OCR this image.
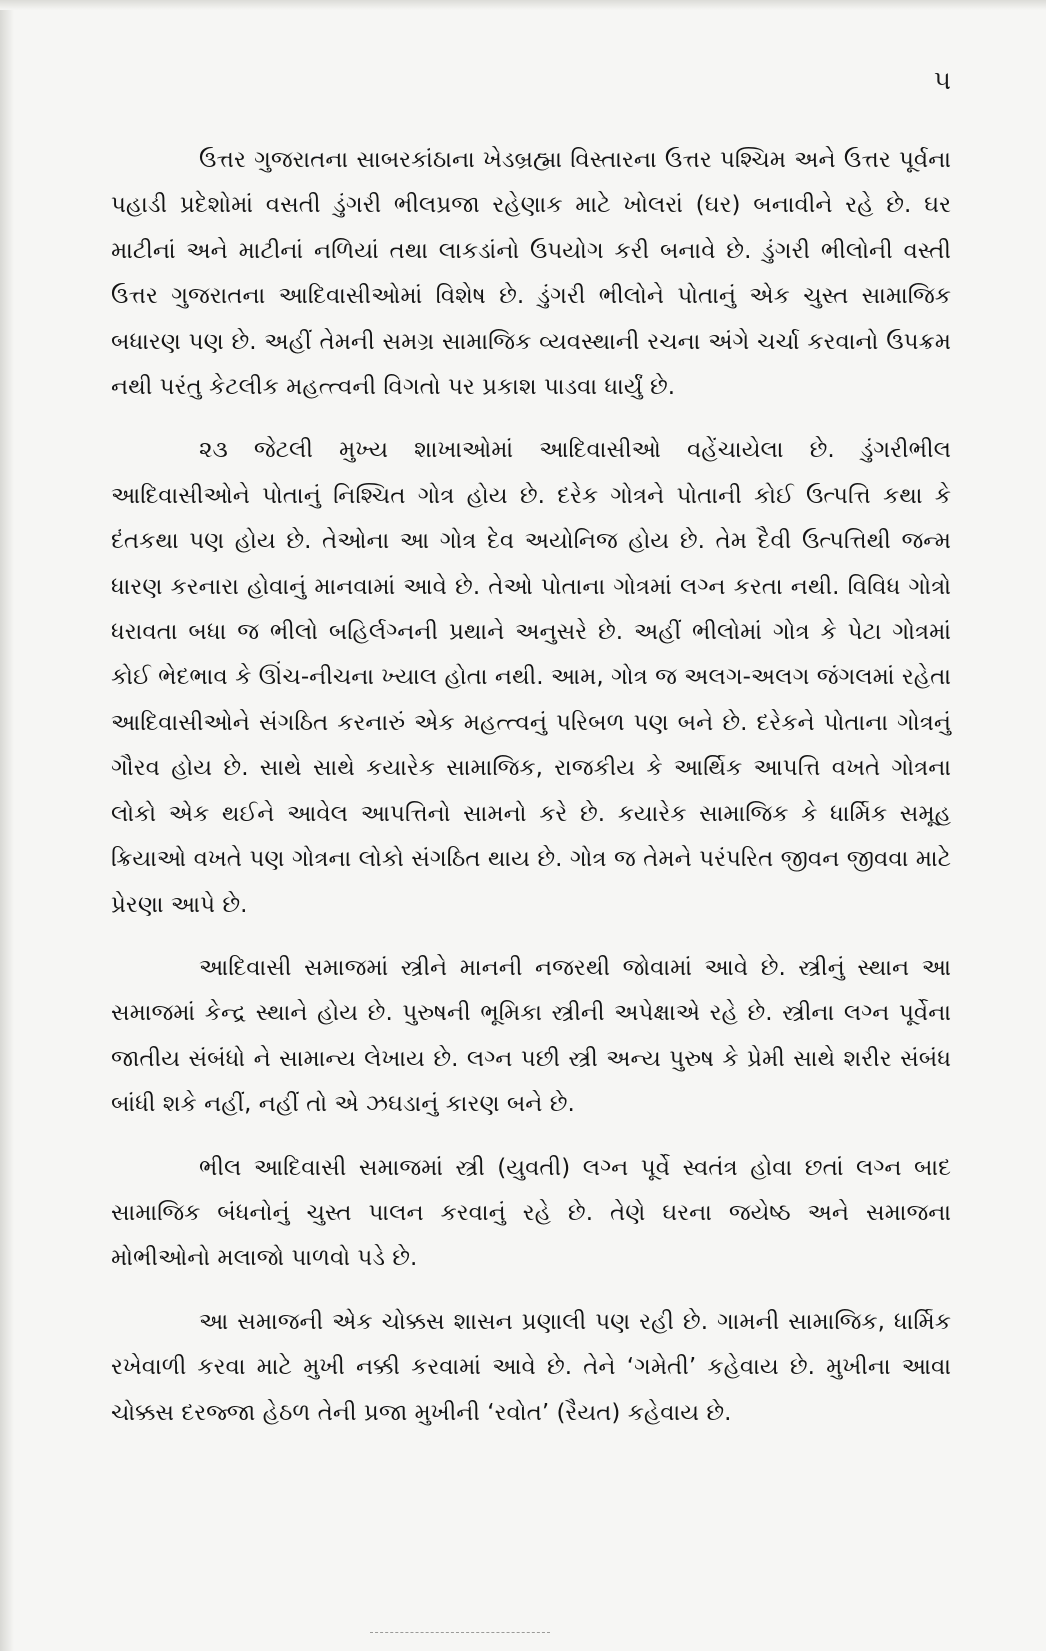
૫

ઉત્તર ગુજરાતના સાબરકાંઠાના ખેડબ્રહ્મા વિસ્તારના ઉત્તર પશ્ચિમ અને ઉત્તર પૂર્વના પહાડી પ્રદેશોમાં વસતી ડુંગરી ભીલપ્રજા રહેણાક માટે ખોલરાં (ઘર) બનાવીને રહે છે. ઘર માટીનાં અને માટીનાં નળિયાં તથા લાકડાંનો ઉપયોગ કરી બનાવે છે. ડુંગરી ભીલોની વસ્તી ઉત્તર ગુજરાતના આદિવાસીઓમાં વિશેષ છે. ડુંગરી ભીલોને પોતાનું એક ચુસ્ત સામાજિક બધારણ પણ છે. અહીં તેમની સમગ્ર સામાજિક વ્યવસ્થાની રચના અંગે ચર્ચા કરવાનો ઉપક્રમ નથી પરંતુ કેટલીક મહત્ત્વની વિગતો પર પ્રકાશ પાડવા ધાર્યું છે.

૨૩ જેટલી મુખ્ય શાખાઓમાં આદિવાસીઓ વહેંચાયેલા છે. ડુંગરીભીલ આદિવાસીઓને પોતાનું નિશ્ચિત ગોત્ર હોય છે. દરેક ગોત્રને પોતાની કોઈ ઉત્પત્તિ કથા કે દંતકથા પણ હોય છે. તેઓના આ ગોત્ર દેવ અયોનિજ હોય છે. તેમ દૈવી ઉત્પત્તિથી જન્મ ધારણ કરનારા હોવાનું માનવામાં આવે છે. તેઓ પોતાના ગોત્રમાં લગ્ન કરતા નથી. વિવિધ ગોત્રો ધરાવતા બધા જ ભીલો બહિર્લગ્નની પ્રથાને અનુસરે છે. અહીં ભીલોમાં ગોત્ર કે પેટા ગોત્રમાં કોઈ ભેદભાવ કે ઊંચ-નીચના ખ્યાલ હોતા નથી. આમ, ગોત્ર જ અલગ-અલગ જંગલમાં રહેતા આદિવાસીઓને સંગઠિત કરનારું એક મહત્ત્વનું પરિબળ પણ બને છે. દરેકને પોતાના ગોત્રનું ગૌરવ હોય છે. સાથે સાથે કયારેક સામાજિક, રાજકીય કે આર્થિક આપત્તિ વખતે ગોત્રના લોકો એક થઈને આવેલ આપત્તિનો સામનો કરે છે. કયારેક સામાજિક કે ધાર્મિક સમૂહ ક્રિયાઓ વખતે પણ ગોત્રના લોકો સંગઠિત થાય છે. ગોત્ર જ તેમને પરંપરિત જીવન જીવવા માટે પ્રેરણા આપે છે.

આદિવાસી સમાજમાં સ્ત્રીને માનની નજરથી જોવામાં આવે છે. સ્ત્રીનું સ્થાન આ સમાજમાં કેન્દ્ર સ્થાને હોય છે. પુરુષની ભૂમિકા સ્ત્રીની અપેક્ષાએ રહે છે. સ્ત્રીના લગ્ન પૂર્વેના જાતીય સંબંધો ને સામાન્ય લેખાય છે. લગ્ન પછી સ્ત્રી અન્ય પુરુષ કે પ્રેમી સાથે શરીર સંબંધ બાંધી શકે નહીં, નહીં તો એ ઝઘડાનું કારણ બને છે.

ભીલ આદિવાસી સમાજમાં સ્ત્રી (યુવતી) લગ્ન પૂર્વે સ્વતંત્ર હોવા છતાં લગ્ન બાદ સામાજિક બંધનોનું ચુસ્ત પાલન કરવાનું રહે છે. તેણે ઘરના જયેષ્ઠ અને સમાજના મોભીઓનો મલાજો પાળવો પડે છે.

આ સમાજની એક ચોક્કસ શાસન પ્રણાલી પણ રહી છે. ગામની સામાજિક, ધાર્મિક રખેવાળી કરવા માટે મુખી નક્કી કરવામાં આવે છે. તેને ‘ગમેતી’ કહેવાય છે. મુખીના આવા ચોક્કસ દરજ્જા હેઠળ તેની પ્રજા મુખીની ‘રવોત’ (રૈયત) કહેવાય છે.
